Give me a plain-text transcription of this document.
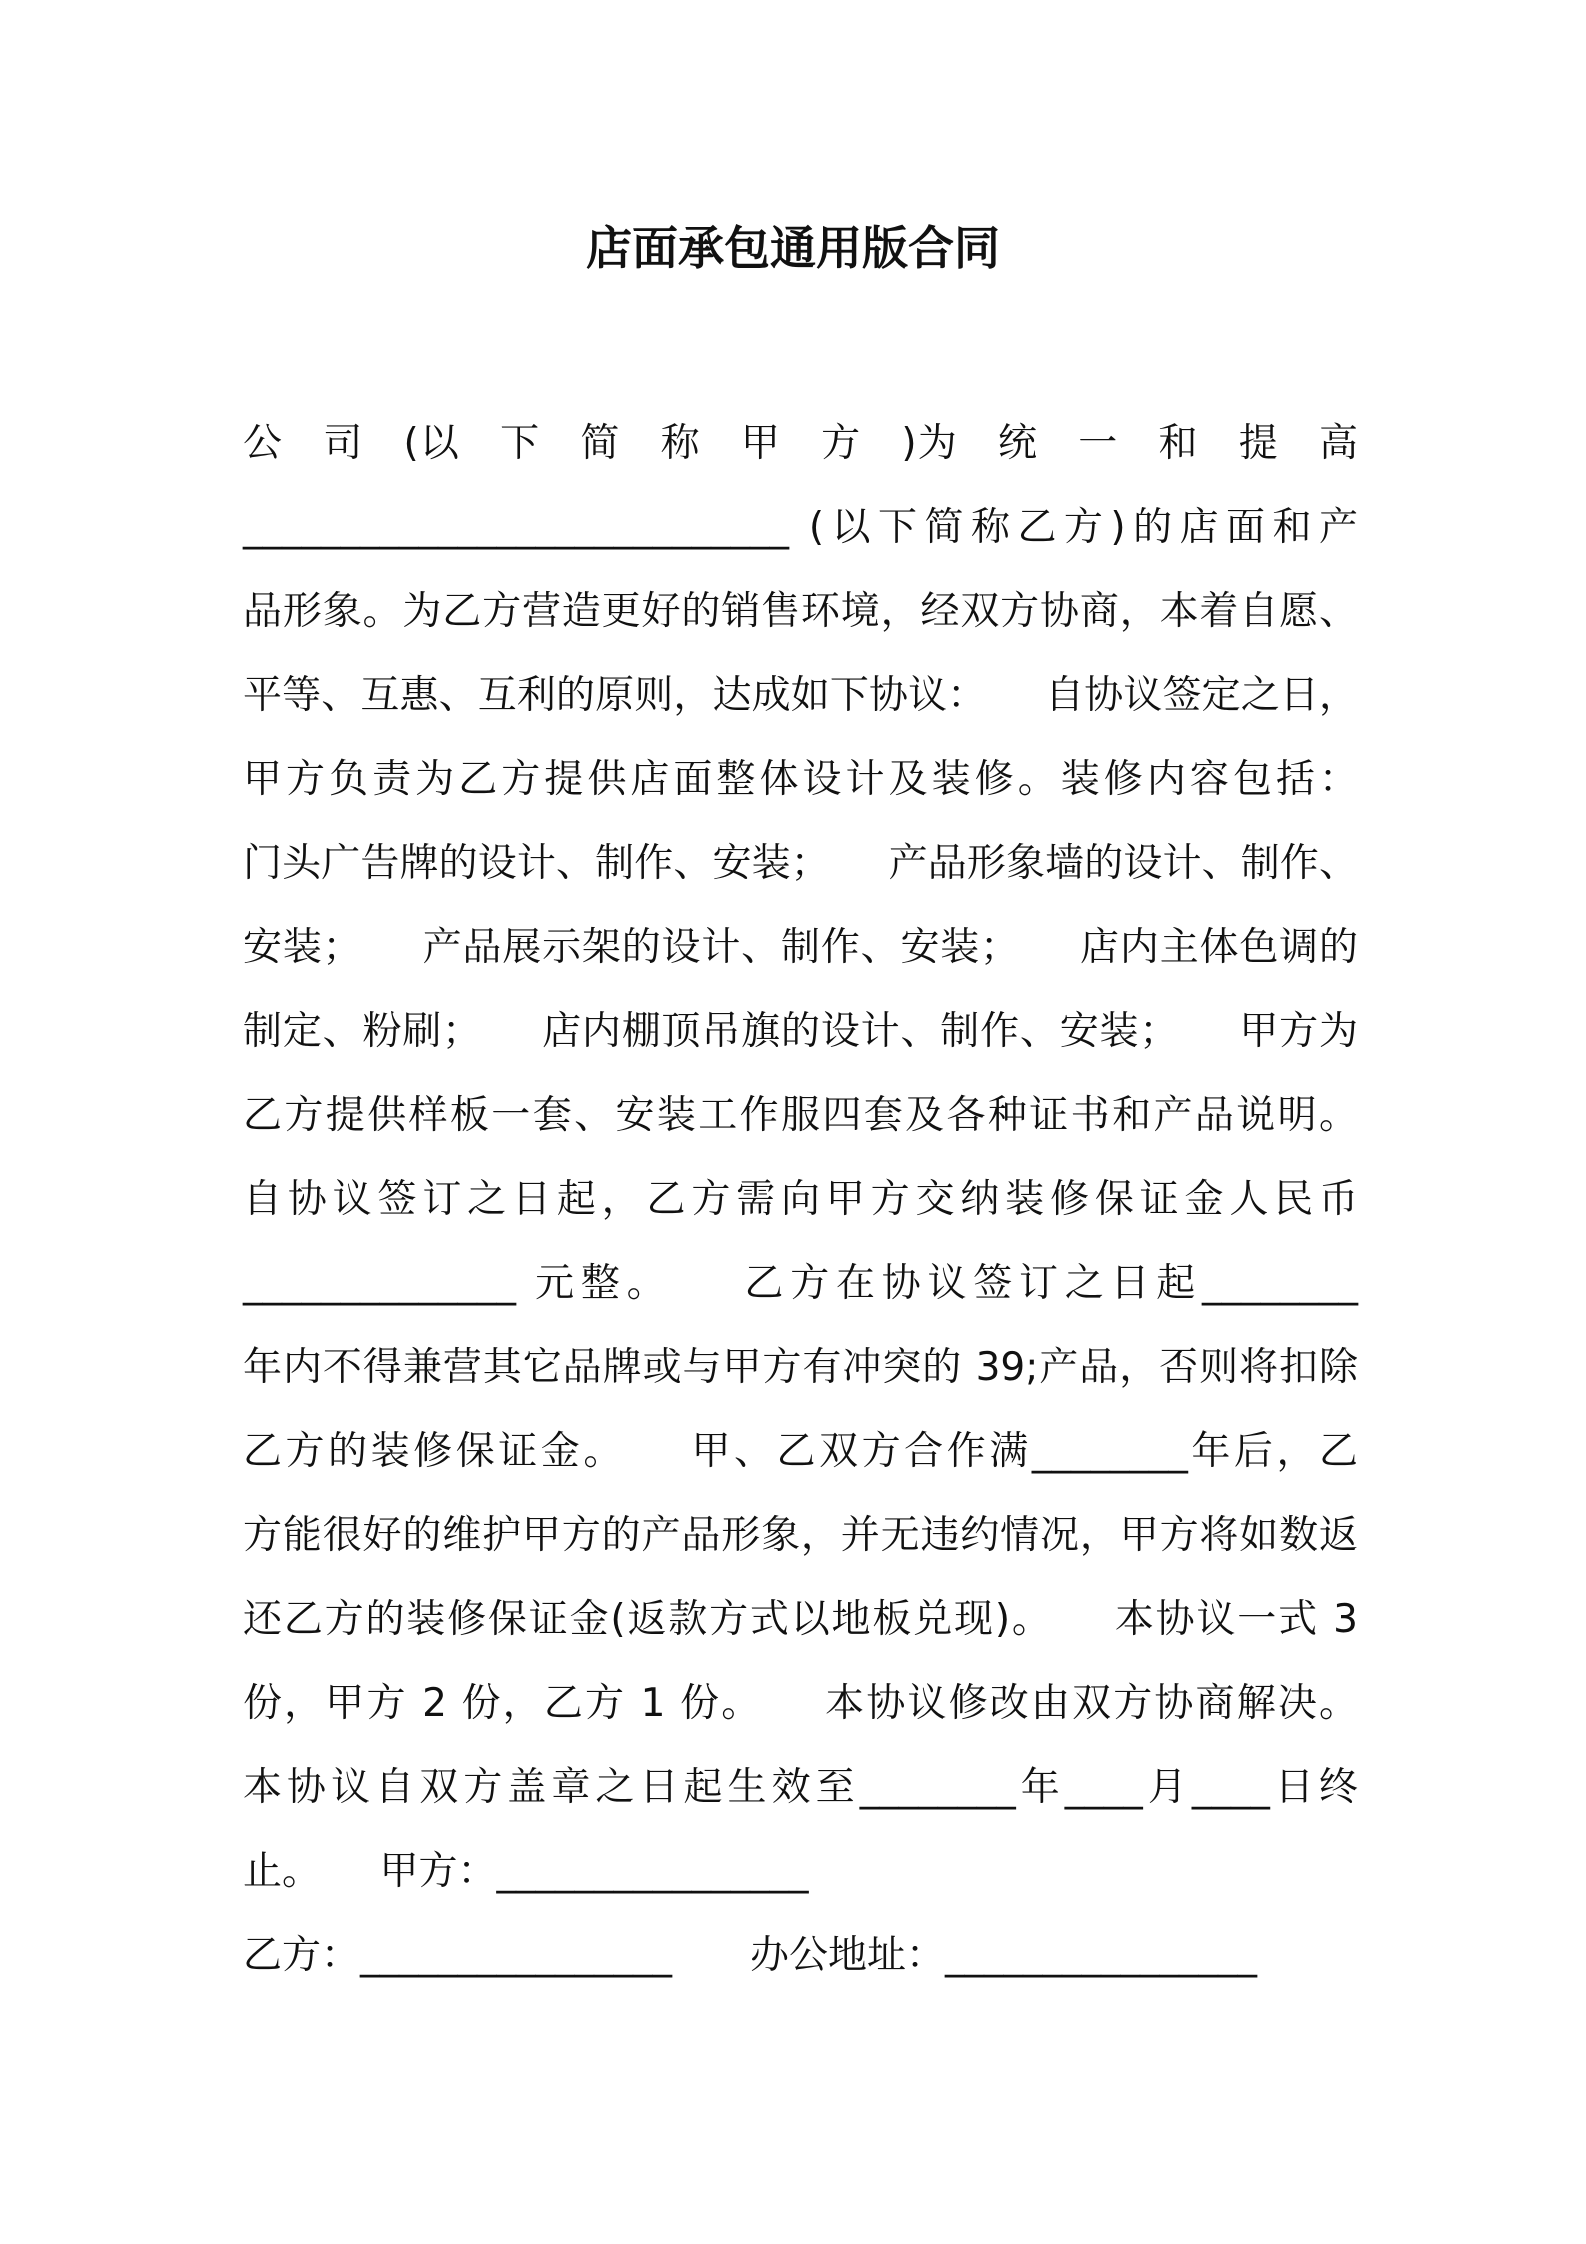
店面承包通用版合同
公　司　(以　下　简　称　甲　方　)为　统　一　和　提　高
____________________________ (以下简称乙方)的店面和产
品形象。为乙方营造更好的销售环境，经双方协商，本着自愿、
平等、互惠、互利的原则，达成如下协议：　　自协议签定之日，
甲方负责为乙方提供店面整体设计及装修。装修内容包括：
门头广告牌的设计、制作、安装；　　产品形象墙的设计、制作、
安装；　　产品展示架的设计、制作、安装；　　店内主体色调的
制定、粉刷；　　店内棚顶吊旗的设计、制作、安装；　　甲方为
乙方提供样板一套、安装工作服四套及各种证书和产品说明。
自协议签订之日起，乙方需向甲方交纳装修保证金人民币
______________ 元整。　　乙方在协议签订之日起________
年内不得兼营其它品牌或与甲方有冲突的 39;产品，否则将扣除
乙方的装修保证金。　　甲、乙双方合作满________年后，乙
方能很好的维护甲方的产品形象，并无违约情况，甲方将如数返
还乙方的装修保证金(返款方式以地板兑现)。　　本协议一式 3
份，甲方 2 份，乙方 1 份。　　本协议修改由双方协商解决。
本协议自双方盖章之日起生效至________年____月____日终
止。　　甲方：________________
乙方：________________　　办公地址：________________
